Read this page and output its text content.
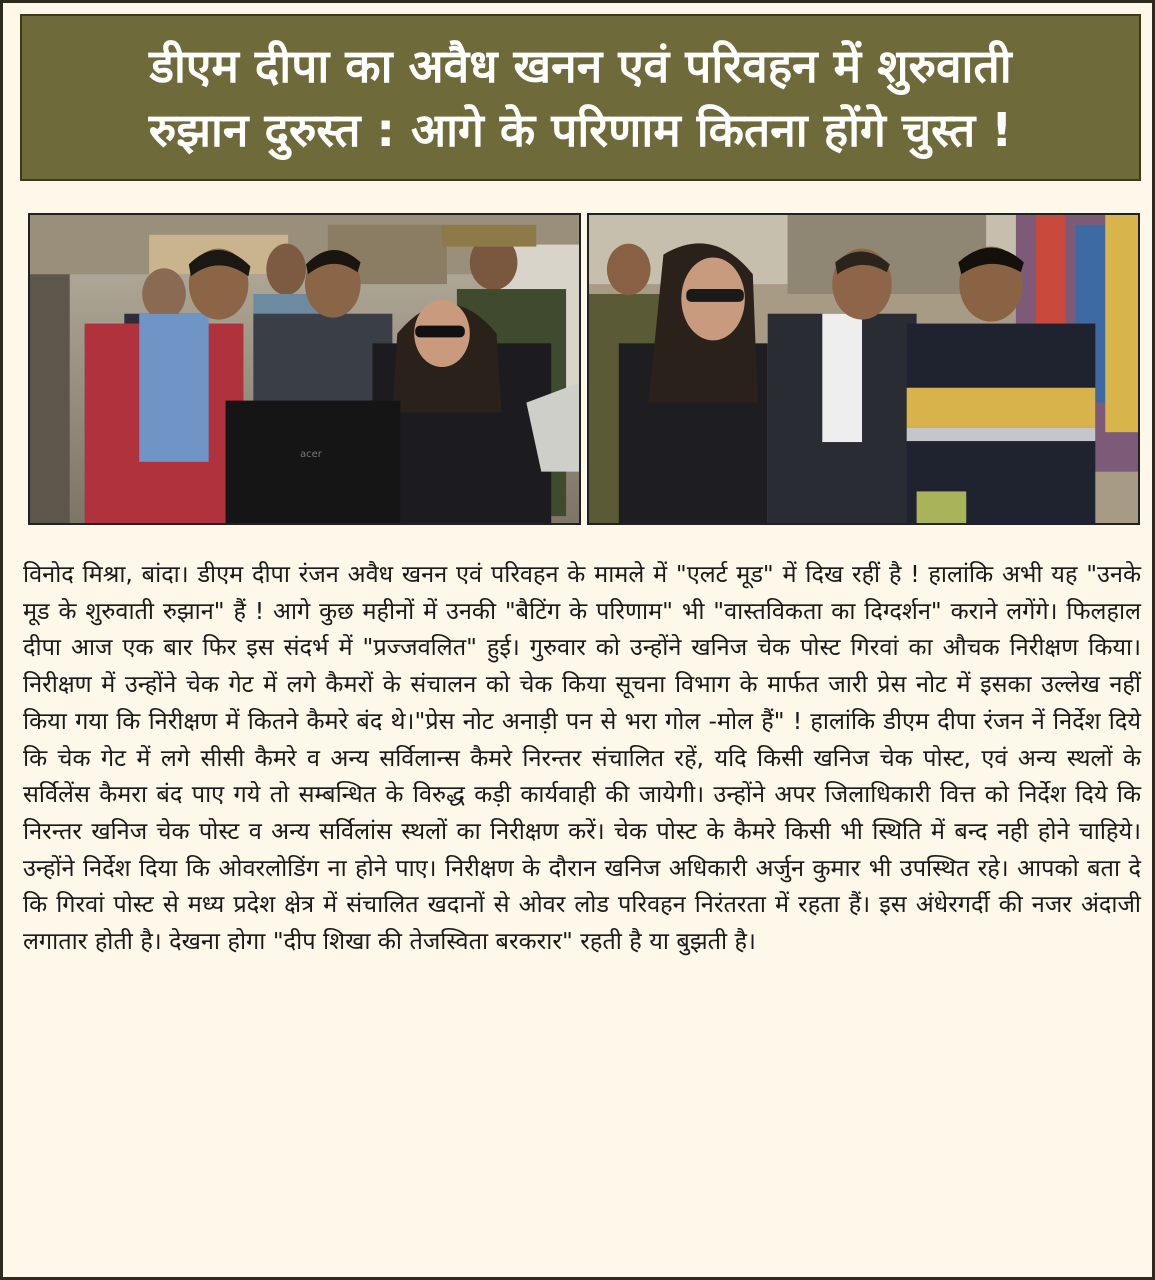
डीएम दीपा का अवैध खनन एवं परिवहन में शुरुवाती
रुझान दुरुस्त : आगे के परिणाम कितना होंगे चुस्त !
acer
विनोद मिश्रा, बांदा। डीएम दीपा रंजन अवैध खनन एवं परिवहन के मामले में "एलर्ट मूड" में दिख रहीं है ! हालांकि अभी यह "उनके मूड के शुरुवाती रुझान" हैं ! आगे कुछ महीनों में उनकी "बैटिंग के परिणाम" भी "वास्तविकता का दिग्दर्शन" कराने लगेंगे। फिलहाल दीपा आज एक बार फिर इस संदर्भ में "प्रज्जवलित" हुई। गुरुवार को उन्होंने खनिज चेक पोस्ट गिरवां का औचक निरीक्षण किया। निरीक्षण में उन्होंने चेक गेट में लगे कैमरों के संचालन को चेक किया सूचना विभाग के मार्फत जारी प्रेस नोट में इसका उल्लेख नहीं किया गया कि निरीक्षण में कितने कैमरे बंद थे।"प्रेस नोट अनाड़ी पन से भरा गोल -मोल हैं" ! हालांकि डीएम दीपा रंजन नें निर्देश दिये कि चेक गेट में लगे सीसी कैमरे व अन्य सर्विलान्स कैमरे निरन्तर संचालित रहें, यदि किसी खनिज चेक पोस्ट, एवं अन्य स्थलों के सर्विलेंस कैमरा बंद पाए गये तो सम्बन्धित के विरुद्ध कड़ी कार्यवाही की जायेगी। उन्होंने अपर जिलाधिकारी वित्त को निर्देश दिये कि निरन्तर खनिज चेक पोस्ट व अन्य सर्विलांस स्थलों का निरीक्षण करें। चेक पोस्ट के कैमरे किसी भी स्थिति में बन्द नही होने चाहिये। उन्होंने निर्देश दिया कि ओवरलोडिंग ना होने पाए। निरीक्षण के दौरान खनिज अधिकारी अर्जुन कुमार भी उपस्थित रहे। आपको बता दे कि गिरवां पोस्ट से मध्य प्रदेश क्षेत्र में संचालित खदानों से ओवर लोड परिवहन निरंतरता में रहता हैं। इस अंधेरगर्दी की नजर अंदाजी लगातार होती है। देखना होगा "दीप शिखा की तेजस्विता बरकरार" रहती है या बुझती है।
